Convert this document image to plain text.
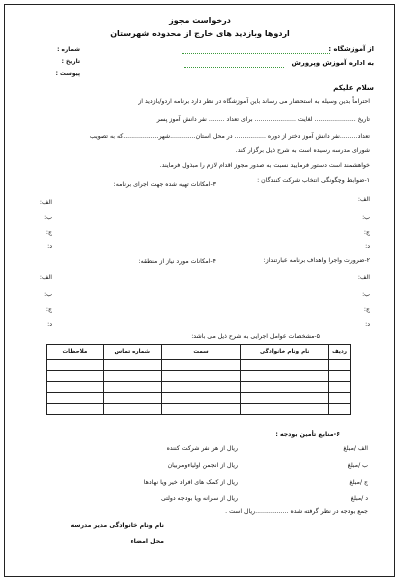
درخواست مجوز
اردوها وبازدید های خارج از محدوده شهرستان
از آموزشگاه :
به اداره آموزش وپرورش
شماره :
تاریخ :
پیوست :
سلام علیکم
احتراماً بدین وسیله به استحضار می رساند باین آموزشگاه در نظر دارد برنامه اردو/بازدید از
تاریخ ..................... لغایت ..................... برای تعداد ........ نفر دانش آموز پسر
تعداد.........نفر دانش آموز دختر از دوره ................ در محل استان.............شهر..................که به تصویب
شورای مدرسه رسیده است به شرح ذیل برگزار کند.
خواهشمند است دستور فرمایید نسبت به صدور مجوز اقدام لازم را مبذول فرمایند.
۱-ضوابط وچگونگی انتخاب شرکت کنندگان :
۳-امکانات تهیه شده جهت اجرای برنامه:
الف:
ب:
ج:
د:
الف:
ب:
ج:
د:
۲-ضرورت واجرا واهداف برنامه عبارتنداز:
۴-امکانات مورد نیاز از منطقه:
الف:
ب:
ج:
د:
الف:
ب:
ج:
د:
۵-مشخصات عوامل اجرایی به شرح ذیل می باشد:
ردیف	نام ونام خانوادگی	سمت	شماره تماس	ملاحظات

۶-منابع تأمین بودجه :
الف /مبلغ
ریال از هر نفر شرکت کننده
ب /مبلغ
ریال از انجمن اولیاءومربیان
ج /مبلغ
ریال از کمک های افراد خیر ویا نهادها
د /مبلغ
ریال از سرانه ویا بودجه دولتی
جمع بودجه در نظر گرفته شده .................ریال است .
نام ونام خانوادگی مدیر مدرسه
محل امضاء
